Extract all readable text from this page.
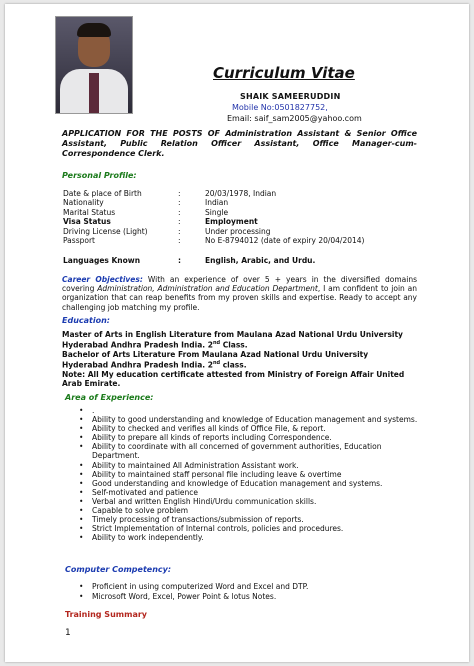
Curriculum Vitae
SHAIK SAMEERUDDIN
Mobile No:0501827752,
Email: saif_sam2005@yahoo.com
APPLICATION FOR THE POSTS OF Administration Assistant & Senior Office Assistant, Public Relation Officer Assistant, Office Manager-cum-Correspondence Clerk.
Personal Profile:
Date & place of Birth	:	20/03/1978, Indian
Nationality	:	Indian
Marital Status	:	Single
Visa Status	:	Employment
Driving License (Light)	:	Under processing
Passport	:	No E-8794012 (date of expiry 20/04/2014)
Languages Known	:	English, Arabic, and Urdu.
Career Objectives: With an experience of over 5 + years in the diversified domains covering Administration, Administration and Education Department, I am confident to join an organization that can reap benefits from my proven skills and expertise. Ready to accept any challenging job matching my profile.
Education:
Master of Arts in English Literature from Maulana Azad National Urdu University
Hyderabad Andhra Pradesh India. 2nd Class.
Bachelor of Arts Literature From Maulana Azad National Urdu University
Hyderabad Andhra Pradesh India. 2nd class.
Note: All My education certificate attested from Ministry of Foreign Affair United Arab Emirate.
Area of Experience:
• .
• Ability to good understanding and knowledge of Education management and systems.
• Ability to checked and verifies all kinds of Office File, & report.
• Ability to prepare all kinds of reports including Correspondence.
• Ability to coordinate with all concerned of government authorities, Education Department.
• Ability to maintained All Administration Assistant work.
• Ability to maintained staff personal file including leave & overtime
• Good understanding and knowledge of Education management and systems.
• Self-motivated and patience
• Verbal and written English Hindi/Urdu communication skills.
• Capable to solve problem
• Timely processing of transactions/submission of reports.
• Strict Implementation of Internal controls, policies and procedures.
• Ability to work independently.
Computer Competency:
• Proficient in using computerized Word and Excel and DTP.
• Microsoft Word, Excel, Power Point & lotus Notes.
Training Summary
1
